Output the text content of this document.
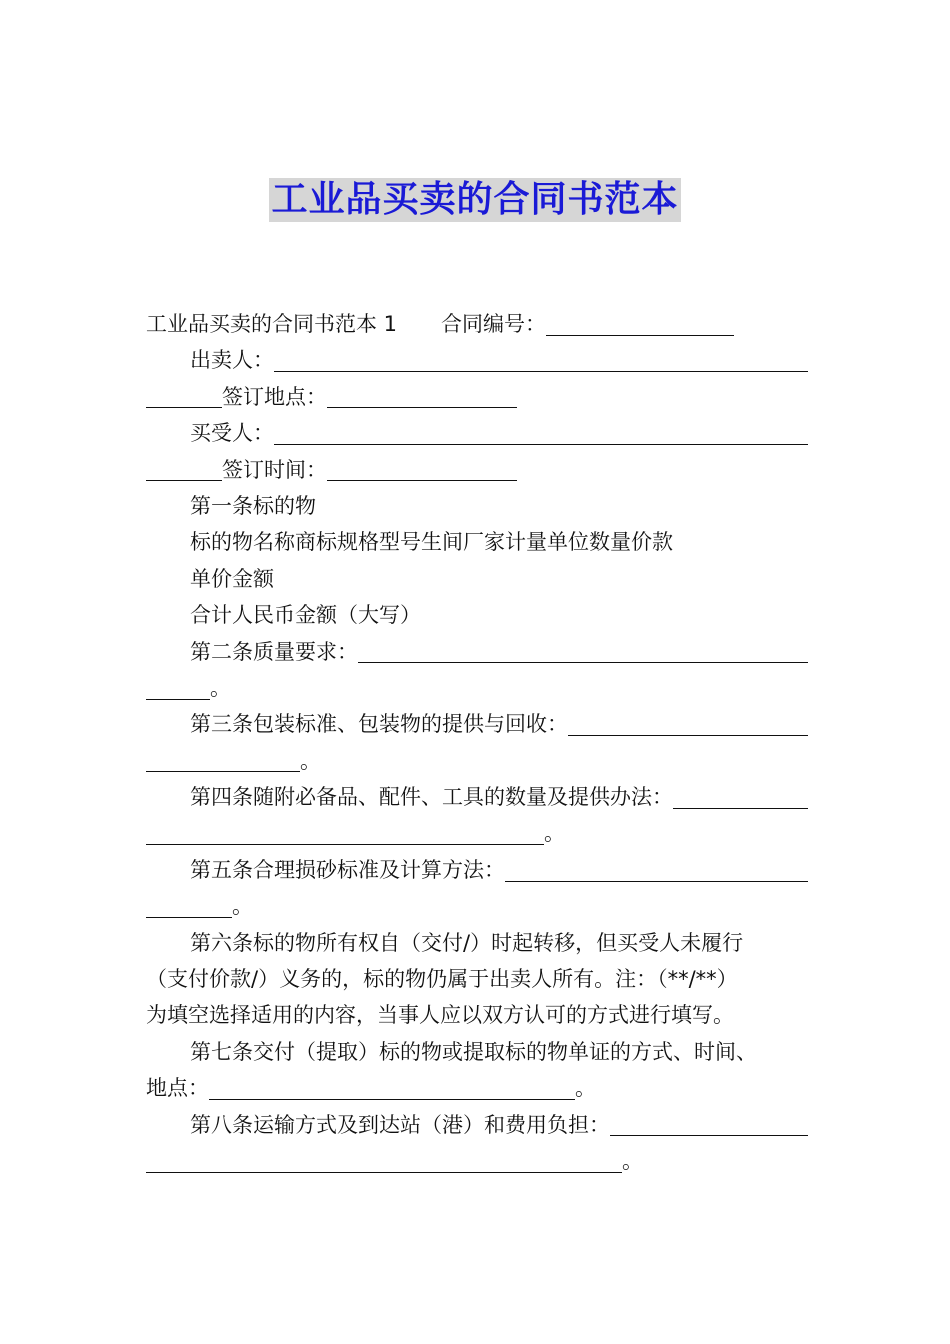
工业品买卖的合同书范本
工业品买卖的合同书范本 1 合同编号：
出卖人：
签订地点：
买受人：
签订时间：
第一条标的物
标的物名称商标规格型号生间厂家计量单位数量价款
单价金额
合计人民币金额（大写）
第二条质量要求：
。
第三条包装标准、包装物的提供与回收：
。
第四条随附必备品、配件、工具的数量及提供办法：
。
第五条合理损砂标准及计算方法：
。
第六条标的物所有权自（交付/）时起转移，但买受人未履行
（支付价款/）义务的，标的物仍属于出卖人所有。注：（**/**）
为填空选择适用的内容，当事人应以双方认可的方式进行填写。
第七条交付（提取）标的物或提取标的物单证的方式、时间、
地点：	。
第八条运输方式及到达站（港）和费用负担：
。
